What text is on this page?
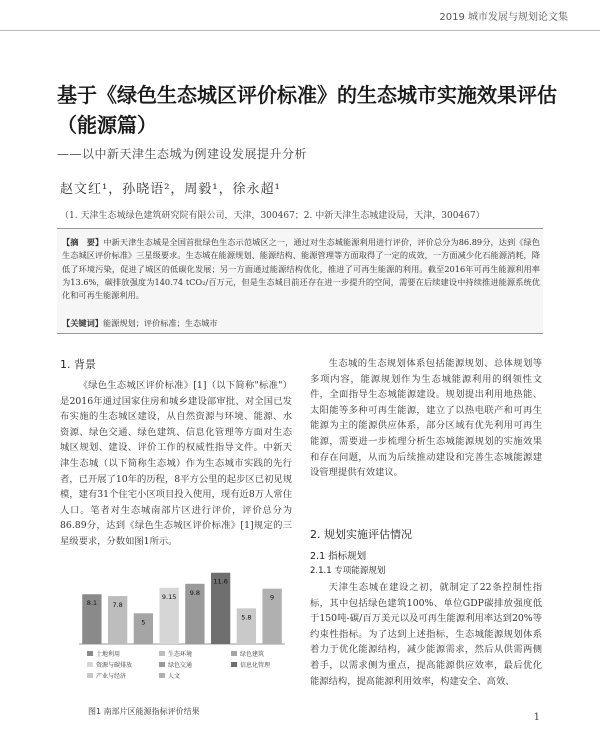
2019 城市发展与规划论文集
基于《绿色生态城区评价标准》的生态城市实施效果评估（能源篇）
——以中新天津生态城为例建设发展提升分析
赵文红¹，孙晓语²，周毅¹，徐永超¹
（1. 天津生态城绿色建筑研究院有限公司，天津，300467；2. 中新天津生态城建设局，天津，300467）
【摘　要】中新天津生态城是全国首批绿色生态示范城区之一，通过对生态城能源利用进行评价，评价总分为86.89分，达到《绿色生态城区评价标准》三星级要求。生态城在能源规划、能源结构、能源管理等方面取得了一定的成效，一方面减少化石能源消耗，降低了环境污染，促进了城区的低碳化发展；另一方面通过能源结构优化，推进了可再生能源的利用。截至2016年可再生能源利用率为13.6%，碳排放强度为140.74 tCO₂/百万元，但是生态城目前还存在进一步提升的空间，需要在后续建设中持续推进能源系统优化和可再生能源利用。
【关键词】能源规划；评价标准；生态城市
1. 背景

《绿色生态城区评价标准》[1]（以下简称"标准"）是2016年通过国家住房和城乡建设部审批、对全国已发布实施的生态城区建设，从自然资源与环境、能源、水资源、绿色交通、绿色建筑、信息化管理等方面对生态城区规划、建设、评价工作的权威性指导文件。中新天津生态城（以下简称生态城）作为生态城市实践的先行者，已开展了10年的历程，8平方公里的起步区已初见规模，建有31个住宅小区项目投入使用，现有近8万人常住人口。笔者对生态城南部片区进行评价，评价总分为86.89分，达到《绿色生态城区评价标准》[1]规定的三星级要求，分数如图1所示。

生态城的生态规划体系包括能源规划、总体规划等多项内容，能源规划作为生态城能源利用的纲领性文件，全面指导生态城能源建设。规划提出利用地热能、太阳能等多种可再生能源，建立了以热电联产和可再生能源为主的能源供应体系，部分区域有优先利用可再生能源，需要进一步梳理分析生态城能源规划的实施效果和存在问题，从而为后续推动建设和完善生态城能源建设管理提供有效建议。

2. 规划实施评估情况
2.1 指标规划
2.1.1 专项能源规划

天津生态城在建设之初，就制定了22条控制性指标，其中包括绿色建筑100%、单位GDP碳排放强度低于150吨-碳/百万美元以及可再生能源利用率达到20%等约束性指标。为了达到上述指标，生态城能源规划体系着力于优化能源结构，减少能源需求，然后从供需两侧着手，以需求侧为重点，提高能源供应效率，最后优化能源结构，提高能源利用效率，构建安全、高效、

8.1 7.8
5
9.15 9.8
11.6
5.8
9
土地利用	生态环境	绿色建筑
资源与碳排放	绿色交通	信息化管理
产业与经济	人文
图1 南部片区能源指标评价结果
1
